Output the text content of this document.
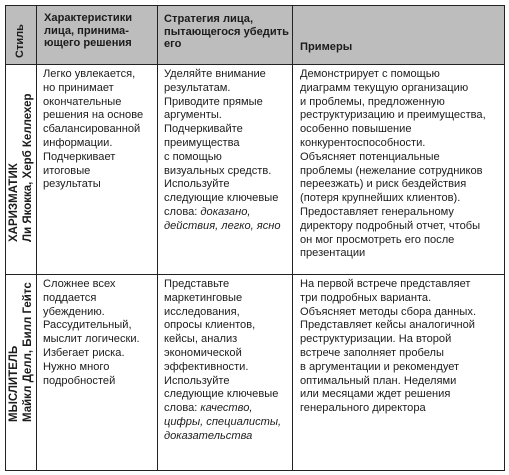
Стиль
Характеристики
лица, принима-
ющего решения
Стратегия лица,
пытающегося убедить
его	Примеры
ХАРИЗМАТИК Ли Якокка, Херб Келлехер
Легко увлекается,
но принимает
окончательные
решения на основе
сбалансированной
информации.
Подчеркивает
итоговые
результаты
Уделяйте внимание
результатам.
Приводите прямые
аргументы.
Подчеркивайте
преимущества
с помощью
визуальных средств.
Используйте
следующие ключевые
слова: доказано,
действия, легко, ясно
Демонстрирует с помощью
диаграмм текущую организацию
и проблемы, предложенную
реструктуризацию и преимущества,
особенно повышение
конкурентоспособности.
Объясняет потенциальные
проблемы (нежелание сотрудников
переезжать) и риск бездействия
(потеря крупнейших клиентов).
Предоставляет генеральному
директору подробный отчет, чтобы
он мог просмотреть его после
презентации
МЫСЛИТЕЛЬ Майкл Делл, Билл Гейтс Сложнее всех
поддается
убеждению.
Рассудительный,
мыслит логически.
Избегает риска.
Нужно много
подробностей
Представьте
маркетинговые
исследования,
опросы клиентов,
кейсы, анализ
экономической
эффективности.
Используйте
следующие ключевые
слова: качество,
цифры, специалисты,
доказательства
На первой встрече представляет
три подробных варианта.
Объясняет методы сбора данных.
Представляет кейсы аналогичной
реструктуризации. На второй
встрече заполняет пробелы
в аргументации и рекомендует
оптимальный план. Неделями
или месяцами ждет решения
генерального директора
